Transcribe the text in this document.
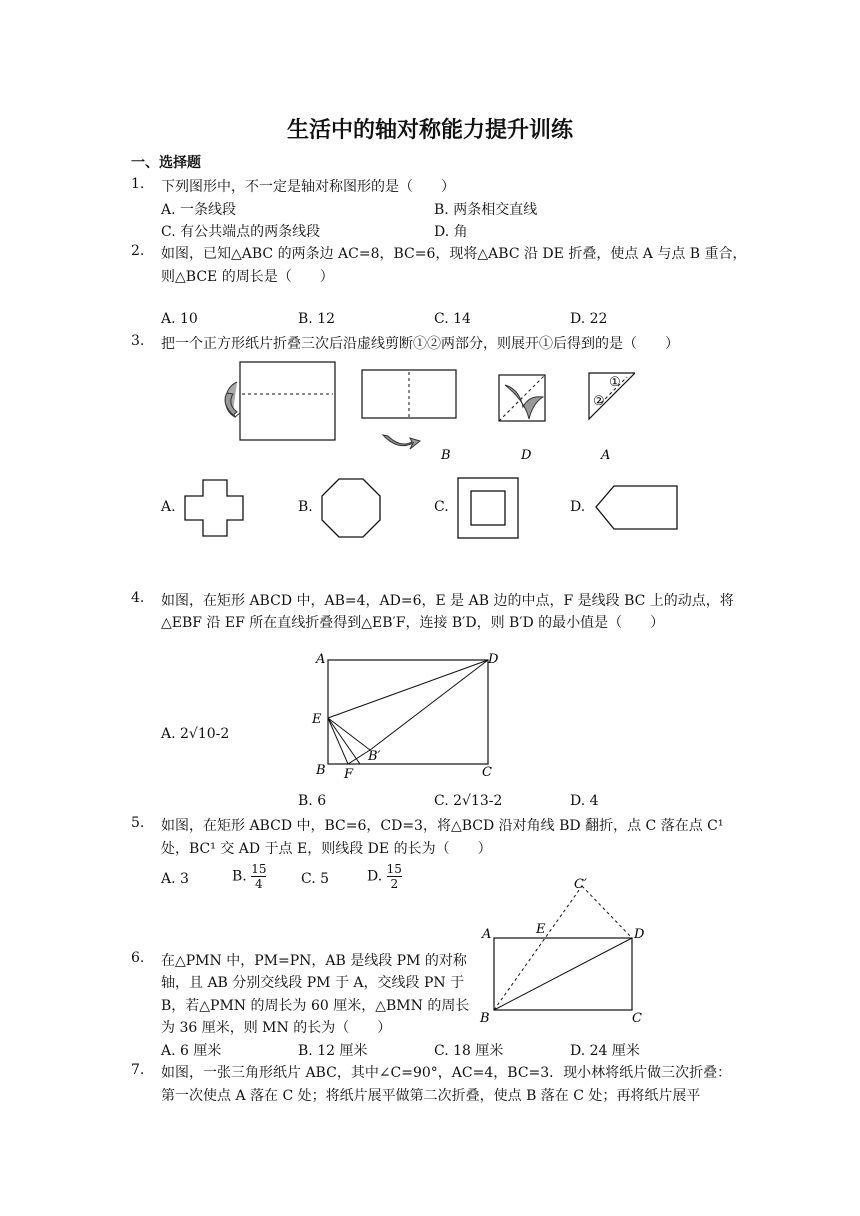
生活中的轴对称能力提升训练
一、选择题
1. 下列图形中，不一定是轴对称图形的是（　　）
A. 一条线段	B. 两条相交直线
C. 有公共端点的两条线段	D. 角
2. 如图，已知△ABC 的两条边 AC=8，BC=6，现将△ABC 沿 DE 折叠，使点 A 与点 B 重合，
则△BCE 的周长是（　　）
A. 10	B. 12	C. 14	D. 22
3. 把一个正方形纸片折叠三次后沿虚线剪断①②两部分，则展开①后得到的是（　　）
①
②
B	D	A
A.	B.	C.	D.
4. 如图，在矩形 ABCD 中，AB=4，AD=6，E 是 AB 边的中点，F 是线段 BC 上的动点，将
△EBF 沿 EF 所在直线折叠得到△EB′F，连接 B′D，则 B′D 的最小值是（　　）
A	D
E
B F
B′
C
A. 2√10-2
B. 6	C. 2√13-2	D. 4
5. 如图，在矩形 ABCD 中，BC=6，CD=3，将△BCD 沿对角线 BD 翻折，点 C 落在点 C¹
处，BC¹ 交 AD 于点 E，则线段 DE 的长为（　　）
A. 3	B. $\frac{15}{4} C$. 5	D. $\frac{15}{2}$	C′
A	E	D
B	C
6. 在△PMN 中，PM=PN，AB 是线段 PM 的对称
轴，且 AB 分别交线段 PM 于 A，交线段 PN 于
B，若△PMN 的周长为 60 厘米，△BMN 的周长
为 36 厘米，则 MN 的长为（　　）
A. 6 厘米	B. 12 厘米	C. 18 厘米	D. 24 厘米
7. 如图，一张三角形纸片 ABC，其中∠C=90°，AC=4，BC=3．现小林将纸片做三次折叠：
第一次使点 A 落在 C 处；将纸片展平做第二次折叠，使点 B 落在 C 处；再将纸片展平
